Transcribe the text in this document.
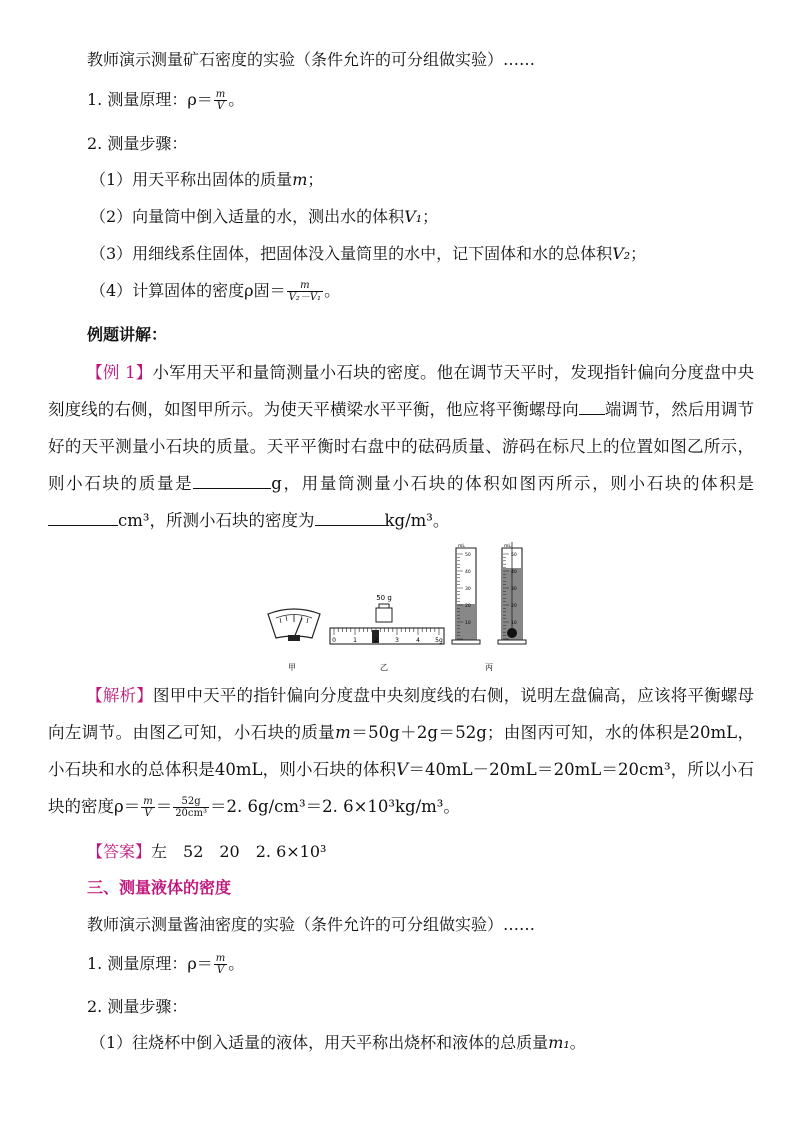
教师演示测量矿石密度的实验（条件允许的可分组做实验）……
1. 测量原理：$\rho= \frac{m}{V}$ 。
2. 测量步骤：
（1）用天平称出固体的质量m；
（2）向量筒中倒入适量的水，测出水的体积V₁；
（3）用细线系住固体，把固体没入量筒里的水中，记下固体和水的总体积V₂；
（4）计算固体的密度ρ固＝ $\frac{m}{\text{V₂－V₁}}$ 。
例题讲解：
【例 1】小军用天平和量筒测量小石块的密度。他在调节天平时，发现指针偏向分度盘中央刻度线的右侧，如图甲所示。为使天平横梁水平平衡，他应将平衡螺母向 端调节，然后用调节好的天平测量小石块的质量。天平平衡时右盘中的砝码质量、游码在标尺上的位置如图乙所示，则小石块的质量是	g，用量筒测量小石块的体积如图丙所示，则小石块的体积是cm³，所测小石块的密度为	kg/m³。
甲
50 g
0	1	2	3	4	5g
乙
mL
50
40
30
20
10
mL
50
40
30
20
10
丙
【解析】图甲中天平的指针偏向分度盘中央刻度线的右侧，说明左盘偏高，应该将平衡螺母向左调节。由图乙可知，小石块的质量m＝50g＋2g＝52g；由图丙可知，水的体积是20mL，小石块和水的总体积是40mL，则小石块的体积V＝40mL－20mL＝20mL＝20cm³，所以小石块的密度$\rho= \frac{m}{V} = \frac{52g}{\text{20cm³}} =2$. 6g/cm³＝2. 6×10³kg/m³。
【答案】左　52　20　2. 6×10³
三、测量液体的密度
教师演示测量酱油密度的实验（条件允许的可分组做实验）……
1. 测量原理：$\rho= \frac{m}{V}$ 。
2. 测量步骤：
（1）往烧杯中倒入适量的液体，用天平称出烧杯和液体的总质量m₁。
